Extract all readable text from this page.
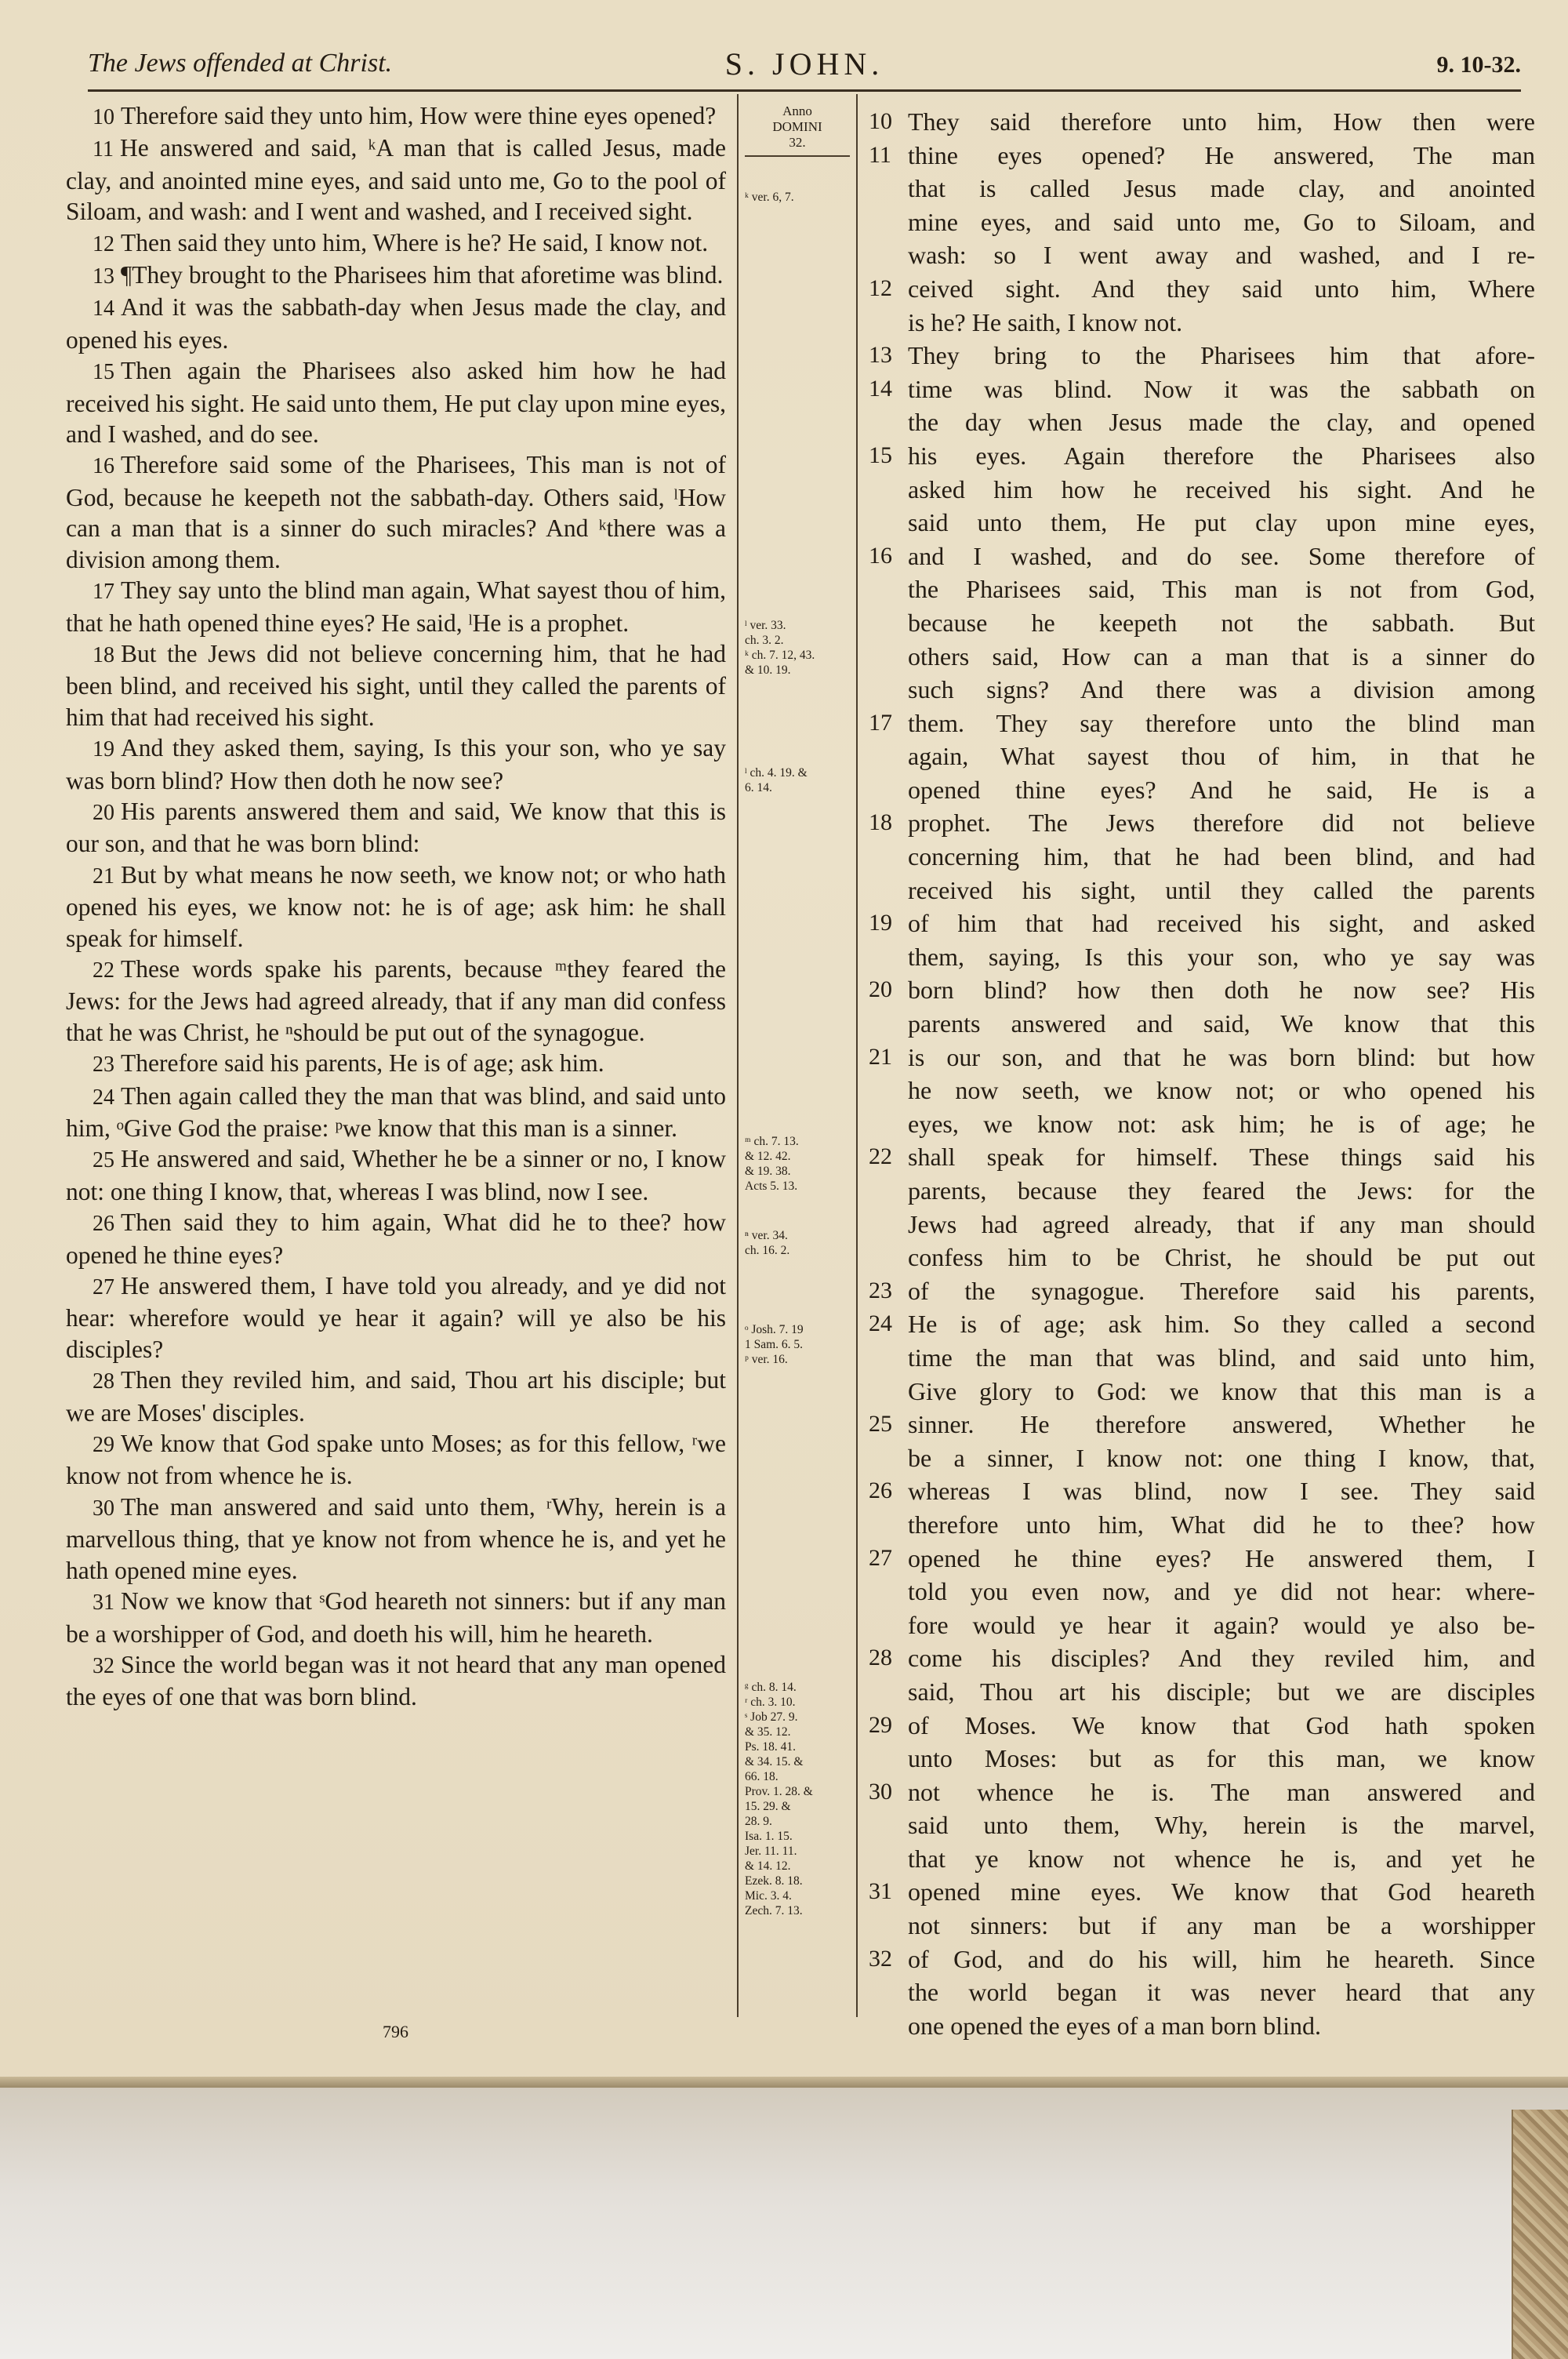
The Jews offended at Christ.	S. JOHN.	9. 10-32.

10 Therefore said they unto him, How were thine eyes opened?

11 He answered and said, ᵏA man that is called Jesus, made clay, and anointed mine eyes, and said unto me, Go to the pool of Siloam, and wash: and I went and washed, and I received sight.

12 Then said they unto him, Where is he? He said, I know not.

13 ¶They brought to the Pharisees him that aforetime was blind.

14 And it was the sabbath-day when Jesus made the clay, and opened his eyes.

15 Then again the Pharisees also asked him how he had received his sight. He said unto them, He put clay upon mine eyes, and I washed, and do see.

16 Therefore said some of the Pharisees, This man is not of God, because he keepeth not the sabbath-day. Others said, ˡHow can a man that is a sinner do such miracles? And ᵏthere was a division among them.

17 They say unto the blind man again, What sayest thou of him, that he hath opened thine eyes? He said, ˡHe is a prophet.

18 But the Jews did not believe concerning him, that he had been blind, and received his sight, until they called the parents of him that had received his sight.

19 And they asked them, saying, Is this your son, who ye say was born blind? How then doth he now see?

20 His parents answered them and said, We know that this is our son, and that he was born blind:

21 But by what means he now seeth, we know not; or who hath opened his eyes, we know not: he is of age; ask him: he shall speak for himself.

22 These words spake his parents, because ᵐthey feared the Jews: for the Jews had agreed already, that if any man did confess that he was Christ, he ⁿshould be put out of the synagogue.

23 Therefore said his parents, He is of age; ask him.

24 Then again called they the man that was blind, and said unto him, ᵒGive God the praise: ᵖwe know that this man is a sinner.

25 He answered and said, Whether he be a sinner or no, I know not: one thing I know, that, whereas I was blind, now I see.

26 Then said they to him again, What did he to thee? how opened he thine eyes?

27 He answered them, I have told you already, and ye did not hear: wherefore would ye hear it again? will ye also be his disciples?

28 Then they reviled him, and said, Thou art his disciple; but we are Moses' disciples.

29 We know that God spake unto Moses; as for this fellow, ʳwe know not from whence he is.

30 The man answered and said unto them, ʳWhy, herein is a marvellous thing, that ye know not from whence he is, and yet he hath opened mine eyes.

31 Now we know that ˢGod heareth not sinners: but if any man be a worshipper of God, and doeth his will, him he heareth.

32 Since the world began was it not heard that any man opened the eyes of one that was born blind.

Anno
DOMINI
32.
ᵏ ver. 6, 7.
ˡ ver. 33.
ch. 3. 2.
ᵏ ch. 7. 12, 43.
& 10. 19.
ˡ ch. 4. 19. &
6. 14.
ᵐ ch. 7. 13.
& 12. 42.
& 19. 38.
Acts 5. 13.
ⁿ ver. 34.
ch. 16. 2.
ᵒ Josh. 7. 19
1 Sam. 6. 5.
ᵖ ver. 16.
ᵍ ch. 8. 14.
ʳ ch. 3. 10.
ˢ Job 27. 9.
& 35. 12.
Ps. 18. 41.
& 34. 15. &
66. 18.
Prov. 1. 28. &
15. 29. &
28. 9.
Isa. 1. 15.
Jer. 11. 11.
& 14. 12.
Ezek. 8. 18.
Mic. 3. 4.
Zech. 7. 13.
10 They said therefore unto him, How then were
11 thine eyes opened? He answered, The man
that is called Jesus made clay, and anointed
mine eyes, and said unto me, Go to Siloam, and
wash: so I went away and washed, and I re-
12 ceived sight. And they said unto him, Where
is he? He saith, I know not.
13 They bring to the Pharisees him that afore-
14 time was blind. Now it was the sabbath on
the day when Jesus made the clay, and opened
15 his eyes. Again therefore the Pharisees also
asked him how he received his sight. And he
said unto them, He put clay upon mine eyes,
16 and I washed, and do see. Some therefore of
the Pharisees said, This man is not from God,
because he keepeth not the sabbath. But
others said, How can a man that is a sinner do
such signs? And there was a division among
17 them. They say therefore unto the blind man
again, What sayest thou of him, in that he
opened thine eyes? And he said, He is a
18 prophet. The Jews therefore did not believe
concerning him, that he had been blind, and had
received his sight, until they called the parents
19 of him that had received his sight, and asked
them, saying, Is this your son, who ye say was
20 born blind? how then doth he now see? His
parents answered and said, We know that this
21 is our son, and that he was born blind: but how
he now seeth, we know not; or who opened his
eyes, we know not: ask him; he is of age; he
22 shall speak for himself. These things said his
parents, because they feared the Jews: for the
Jews had agreed already, that if any man should
confess him to be Christ, he should be put out
23 of the synagogue. Therefore said his parents,
24 He is of age; ask him. So they called a second
time the man that was blind, and said unto him,
Give glory to God: we know that this man is a
25 sinner. He therefore answered, Whether he
be a sinner, I know not: one thing I know, that,
26 whereas I was blind, now I see. They said
therefore unto him, What did he to thee? how
27 opened he thine eyes? He answered them, I
told you even now, and ye did not hear: where-
fore would ye hear it again? would ye also be-
28 come his disciples? And they reviled him, and
said, Thou art his disciple; but we are disciples
29 of Moses. We know that God hath spoken
unto Moses: but as for this man, we know
30 not whence he is. The man answered and
said unto them, Why, herein is the marvel,
that ye know not whence he is, and yet he
31 opened mine eyes. We know that God heareth
not sinners: but if any man be a worshipper
32 of God, and do his will, him he heareth. Since
the world began it was never heard that any
one opened the eyes of a man born blind.
796
